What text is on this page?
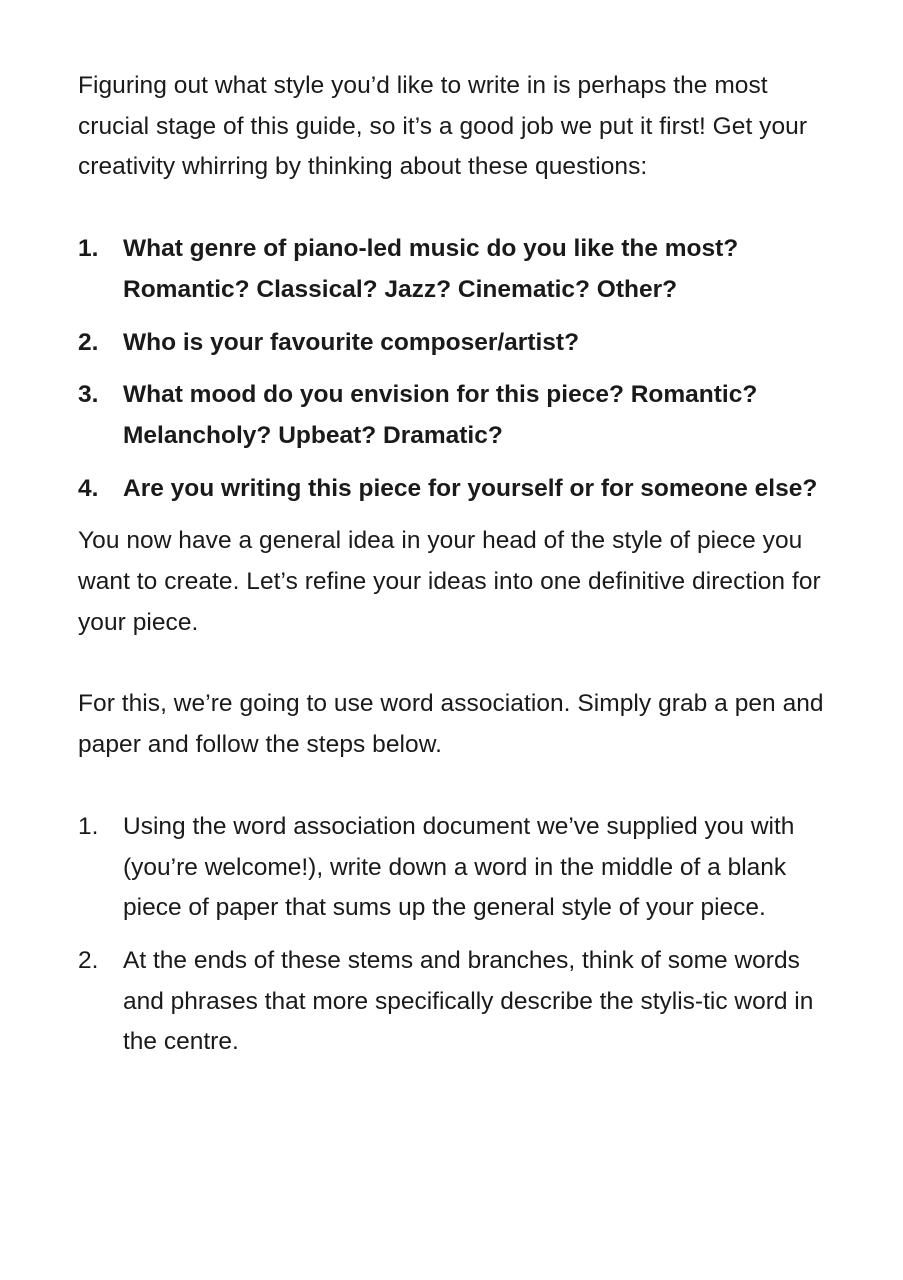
Figuring out what style you’d like to write in is perhaps the most crucial stage of this guide, so it’s a good job we put it first! Get your creativity whirring by thinking about these questions:

1. What genre of piano-led music do you like the most? Romantic? Classical? Jazz? Cinematic? Other?
2. Who is your favourite composer/artist?
3. What mood do you envision for this piece? Romantic? Melancholy? Upbeat? Dramatic?
4. Are you writing this piece for yourself or for someone else?

You now have a general idea in your head of the style of piece you want to create. Let’s refine your ideas into one definitive direction for your piece.

For this, we’re going to use word association. Simply grab a pen and paper and follow the steps below.

1. Using the word association document we’ve supplied you with (you’re welcome!), write down a word in the middle of a blank piece of paper that sums up the general style of your piece.
2. At the ends of these stems and branches, think of some words and phrases that more specifically describe the stylis-tic word in the centre.
